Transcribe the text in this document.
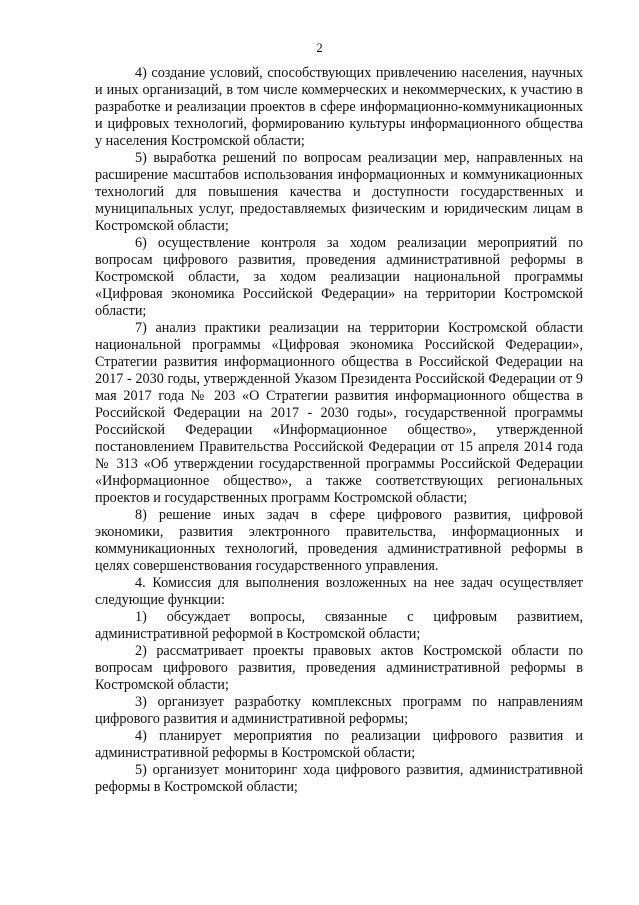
2

4) создание условий, способствующих привлечению населения, научных и иных организаций, в том числе коммерческих и некоммерческих, к участию в разработке и реализации проектов в сфере информационно-коммуникационных и цифровых технологий, формированию культуры информационного общества у населения Костромской области;

5) выработка решений по вопросам реализации мер, направленных на расширение масштабов использования информационных и коммуникационных технологий для повышения качества и доступности государственных и муниципальных услуг, предоставляемых физическим и юридическим лицам в Костромской области;

6) осуществление контроля за ходом реализации мероприятий по вопросам цифрового развития, проведения административной реформы в Костромской области, за ходом реализации национальной программы «Цифровая экономика Российской Федерации» на территории Костромской области;

7) анализ практики реализации на территории Костромской области национальной программы «Цифровая экономика Российской Федерации», Стратегии развития информационного общества в Российской Федерации на 2017 - 2030 годы, утвержденной Указом Президента Российской Федерации от 9 мая 2017 года № 203 «О Стратегии развития информационного общества в Российской Федерации на 2017 - 2030 годы», государственной программы Российской Федерации «Информационное общество», утвержденной постановлением Правительства Российской Федерации от 15 апреля 2014 года № 313 «Об утверждении государственной программы Российской Федерации «Информационное общество», а также соответствующих региональных проектов и государственных программ Костромской области;

8) решение иных задач в сфере цифрового развития, цифровой экономики, развития электронного правительства, информационных и коммуникационных технологий, проведения административной реформы в целях совершенствования государственного управления.

4. Комиссия для выполнения возложенных на нее задач осуществляет следующие функции:

1) обсуждает вопросы, связанные с цифровым развитием, административной реформой в Костромской области;

2) рассматривает проекты правовых актов Костромской области по вопросам цифрового развития, проведения административной реформы в Костромской области;

3) организует разработку комплексных программ по направлениям цифрового развития и административной реформы;

4) планирует мероприятия по реализации цифрового развития и административной реформы в Костромской области;

5) организует мониторинг хода цифрового развития, административной реформы в Костромской области;
